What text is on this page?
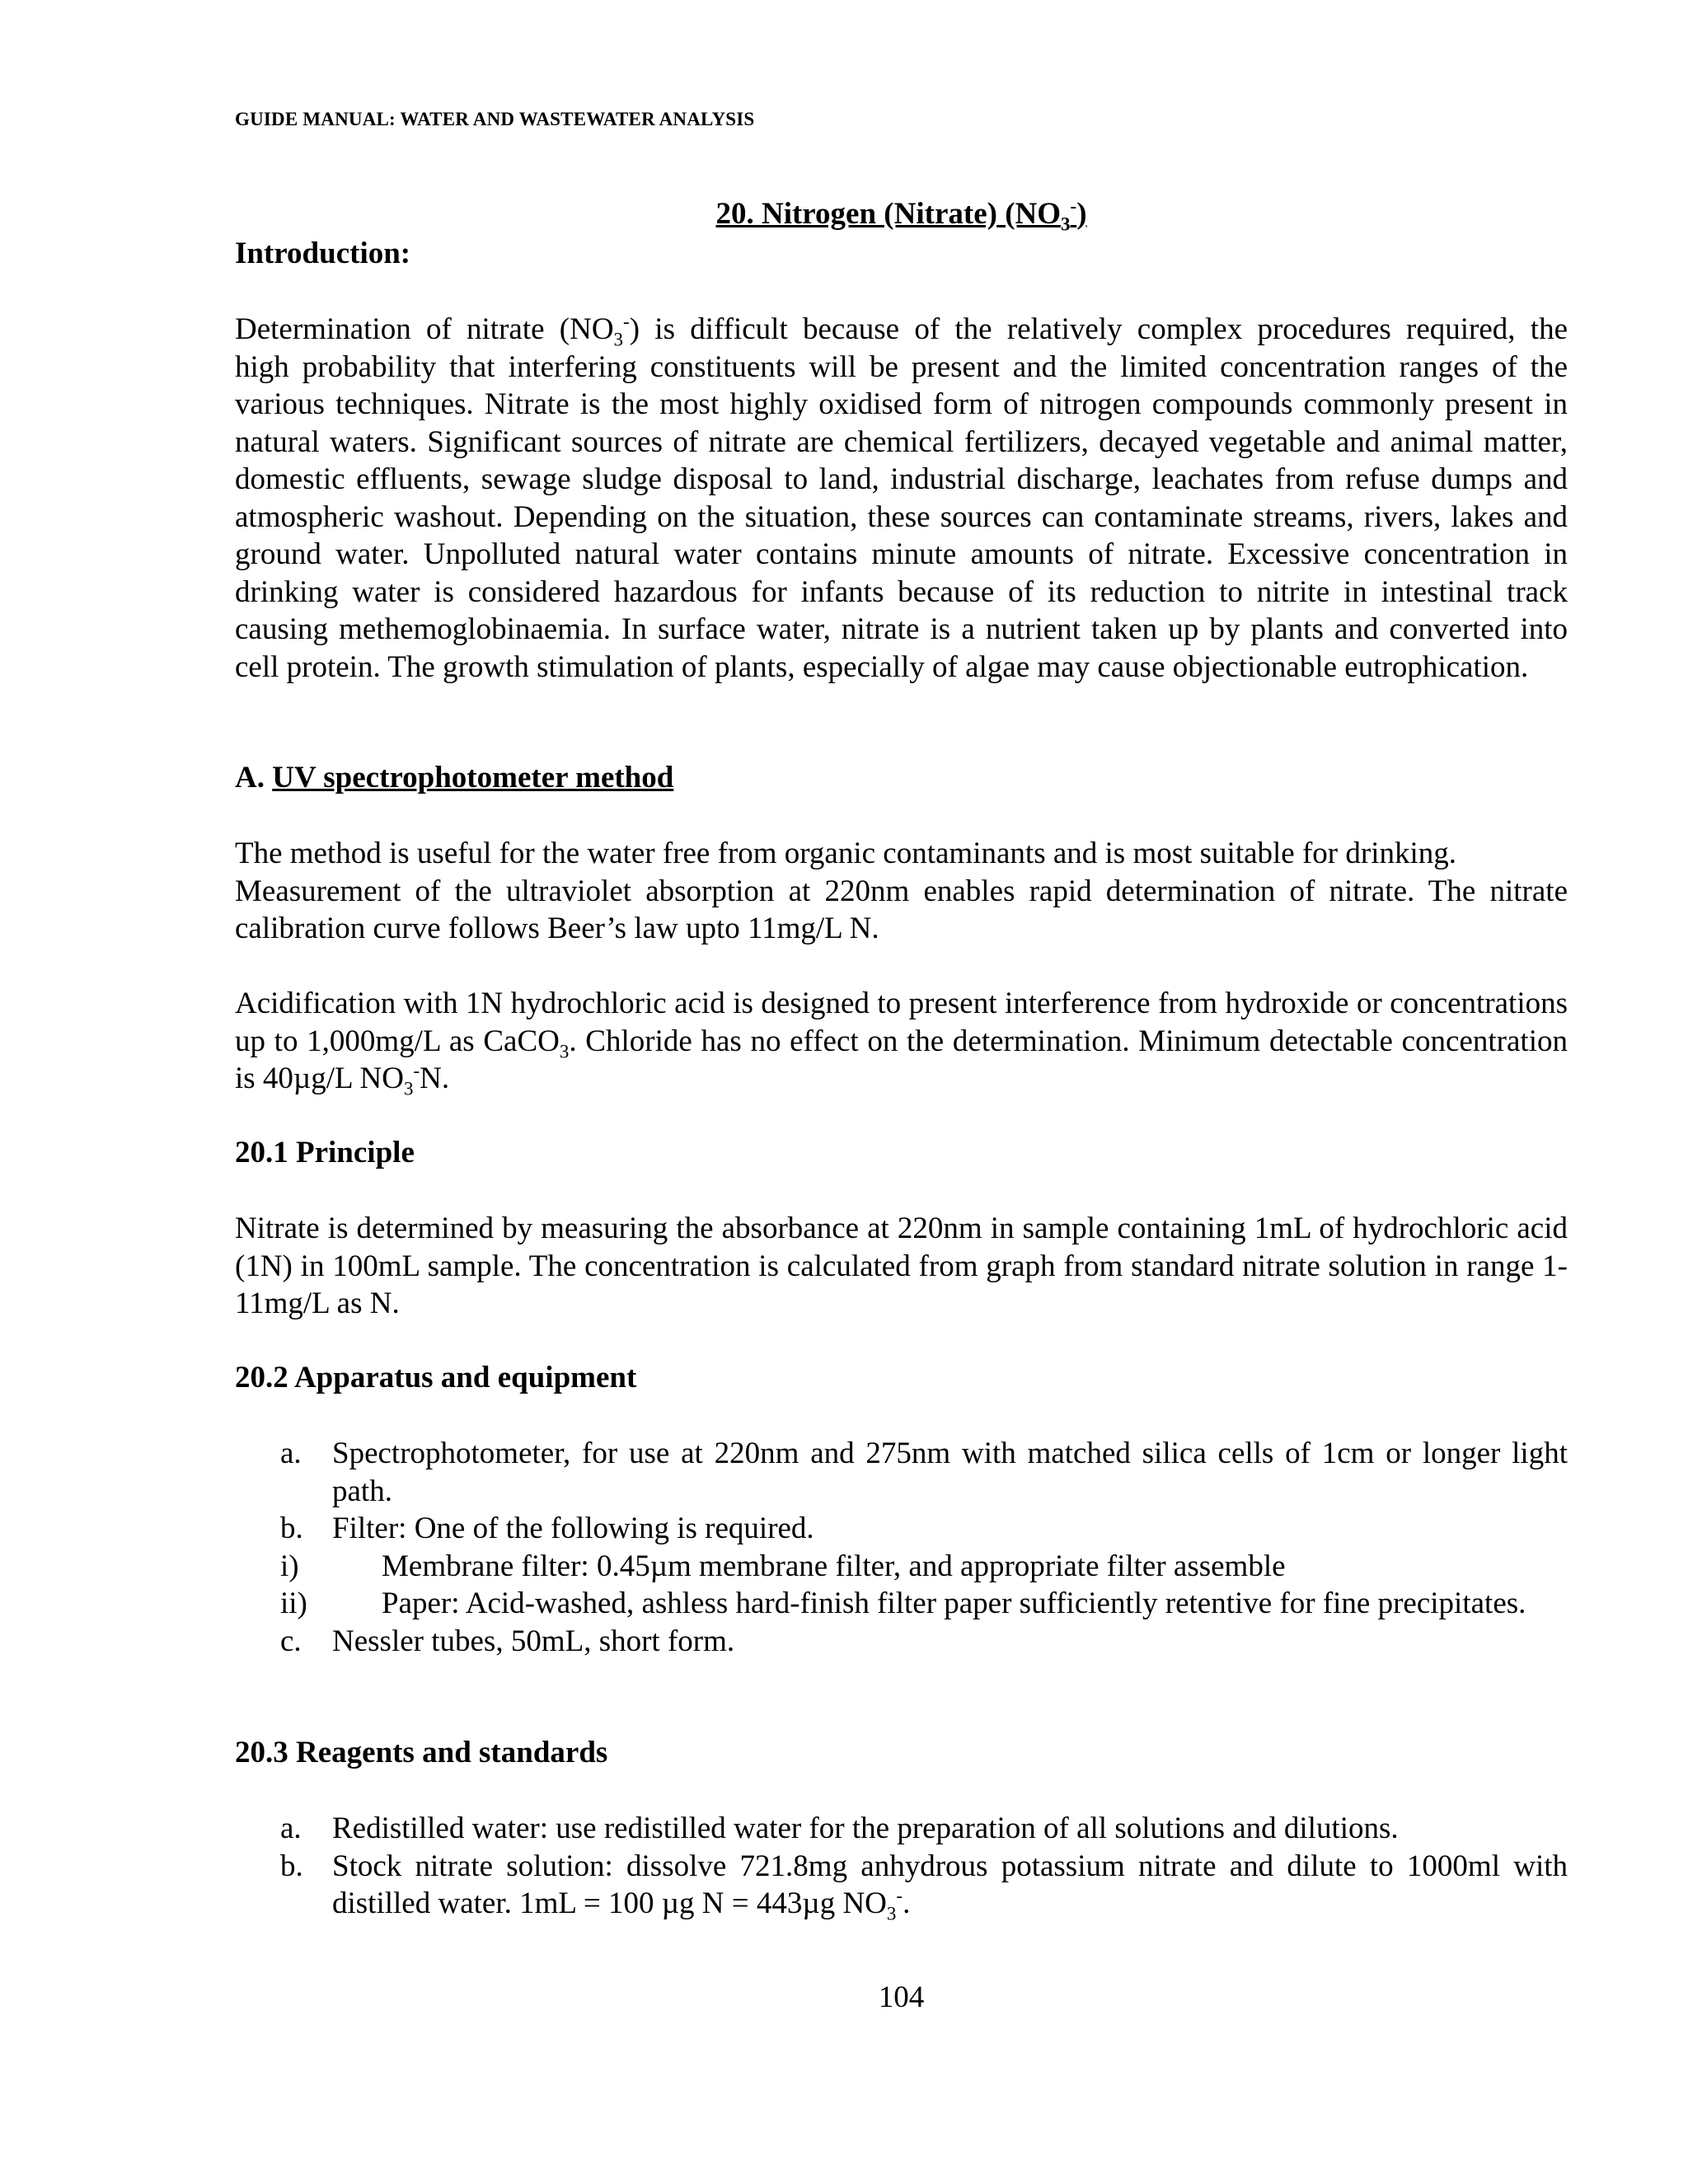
GUIDE MANUAL: WATER AND WASTEWATER ANALYSIS
20. Nitrogen (Nitrate) $(NO_3^-)$
Introduction:
Determination of nitrate $(NO_3^-)$ is difficult because of the relatively complex procedures required, the
high probability that interfering constituents will be present and the limited concentration ranges of the various techniques. Nitrate is the most highly oxidised form of nitrogen compounds commonly present in natural waters. Significant sources of nitrate are chemical fertilizers, decayed vegetable and animal matter, domestic effluents, sewage sludge disposal to land, industrial discharge, leachates from refuse dumps and atmospheric washout. Depending on the situation, these sources can contaminate streams, rivers, lakes and ground water. Unpolluted natural water contains minute amounts of nitrate. Excessive concentration in drinking water is considered hazardous for infants because of its reduction to nitrite in intestinal track causing methemoglobinaemia. In surface water, nitrate is a nutrient taken up by plants and converted into cell protein. The growth stimulation of plants, especially of algae may cause objectionable eutrophication.
A. UV spectrophotometer method
The method is useful for the water free from organic contaminants and is most suitable for drinking.
Measurement of the ultraviolet absorption at 220nm enables rapid determination of nitrate. The nitrate calibration curve follows Beer’s law upto 11mg/L N.
Acidification with 1N hydrochloric acid is designed to present interference from hydroxide or concentrations up to 1,000mg/L as CaCO$_3$. Chloride has no effect on the determination. Minimum detectable concentration is 40µg/L $NO_3^-N$.
20.1 Principle
Nitrate is determined by measuring the absorbance at 220nm in sample containing 1mL of hydrochloric acid (1N) in 100mL sample. The concentration is calculated from graph from standard nitrate solution in range 1-11mg/L as N.
20.2 Apparatus and equipment
a. Spectrophotometer, for use at 220nm and 275nm with matched silica cells of 1cm or longer light path.
b. Filter: One of the following is required.
i)	Membrane filter: 0.45µm membrane filter, and appropriate filter assemble
ii) Paper: Acid-washed, ashless hard-finish filter paper sufficiently retentive for fine precipitates.
c. Nessler tubes, 50mL, short form.
20.3 Reagents and standards
a. Redistilled water: use redistilled water for the preparation of all solutions and dilutions.
b. Stock nitrate solution: dissolve 721.8mg anhydrous potassium nitrate and dilute to 1000ml with distilled water. 1mL = 100 µg N = 443µg $NO_3^-$.
104
